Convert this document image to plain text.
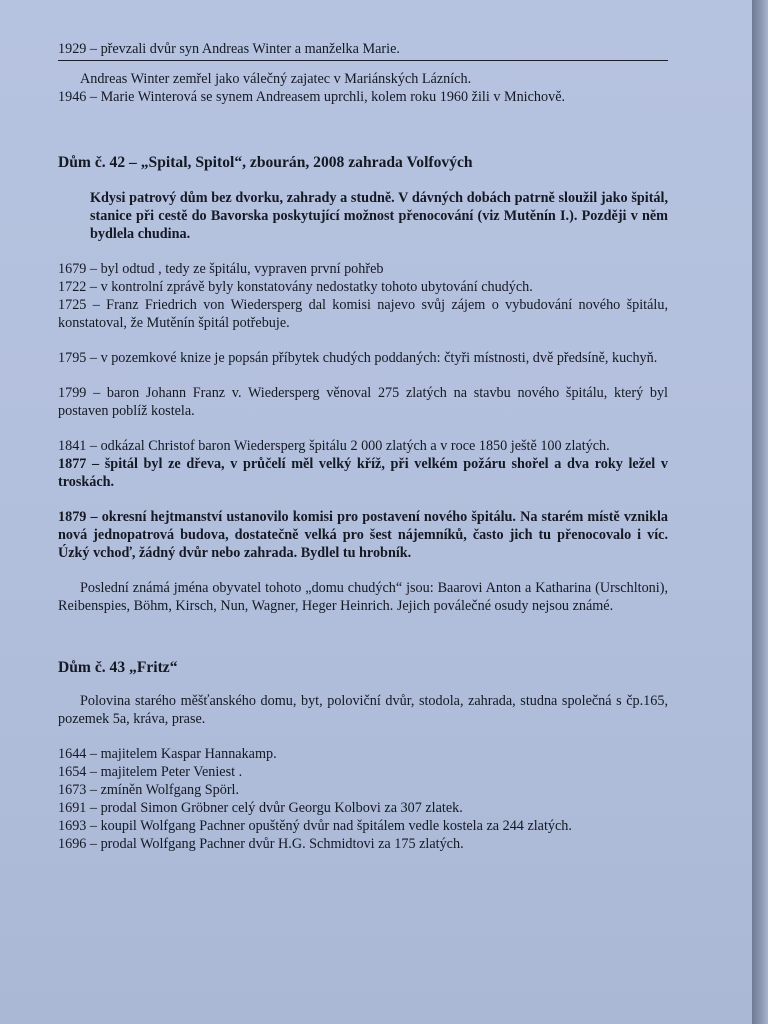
1929 – převzali dvůr syn Andreas Winter a manželka Marie.

Andreas Winter zemřel jako válečný zajatec v Mariánských Lázních.

1946 – Marie Winterová se synem Andreasem uprchli, kolem roku 1960 žili v Mnichově.

Dům č. 42 – „Spital, Spitol“, zbourán, 2008 zahrada Volfových

Kdysi patrový dům bez dvorku, zahrady a studně. V dávných dobách patrně sloužil jako špitál, stanice při cestě do Bavorska poskytující možnost přenocování (viz Mutěnín I.). Později v něm bydlela chudina.

1679 – byl odtud , tedy ze špitálu, vypraven první pohřeb

1722 – v kontrolní zprávě byly konstatovány nedostatky tohoto ubytování chudých.

1725 – Franz Friedrich von Wiedersperg dal komisi najevo svůj zájem o vybudování nového špitálu, konstatoval, že Mutěnín špitál potřebuje.

1795 – v pozemkové knize je popsán příbytek chudých poddaných: čtyři místnosti, dvě předsíně, kuchyň.

1799 – baron Johann Franz v. Wiedersperg věnoval 275 zlatých na stavbu nového špitálu, který byl postaven poblíž kostela.

1841 – odkázal Christof baron Wiedersperg špitálu 2 000 zlatých a v roce 1850 ještě 100 zlatých.

1877 – špitál byl ze dřeva, v průčelí měl velký kříž, při velkém požáru shořel a dva roky ležel v troskách.

1879 – okresní hejtmanství ustanovilo komisi pro postavení nového špitálu. Na starém místě vznikla nová jednopatrová budova, dostatečně velká pro šest nájemníků, často jich tu přenocovalo i víc. Úzký vchoď, žádný dvůr nebo zahrada. Bydlel tu hrobník.

Poslední známá jména obyvatel tohoto „domu chudých“ jsou: Baarovi Anton a Katharina (Urschltoni), Reibenspies, Böhm, Kirsch, Nun, Wagner, Heger Heinrich. Jejich poválečné osudy nejsou známé.

Dům č. 43 „Fritz“

Polovina starého měšťanského domu, byt, poloviční dvůr, stodola, zahrada, studna společná s čp.165, pozemek 5a, kráva, prase.

1644 – majitelem Kaspar Hannakamp.

1654 – majitelem Peter Veniest .

1673 – zmíněn Wolfgang Spörl.

1691 – prodal Simon Gröbner celý dvůr Georgu Kolbovi za 307 zlatek.

1693 – koupil Wolfgang Pachner opuštěný dvůr nad špitálem vedle kostela za 244 zlatých.

1696 – prodal Wolfgang Pachner dvůr H.G. Schmidtovi za 175 zlatých.
